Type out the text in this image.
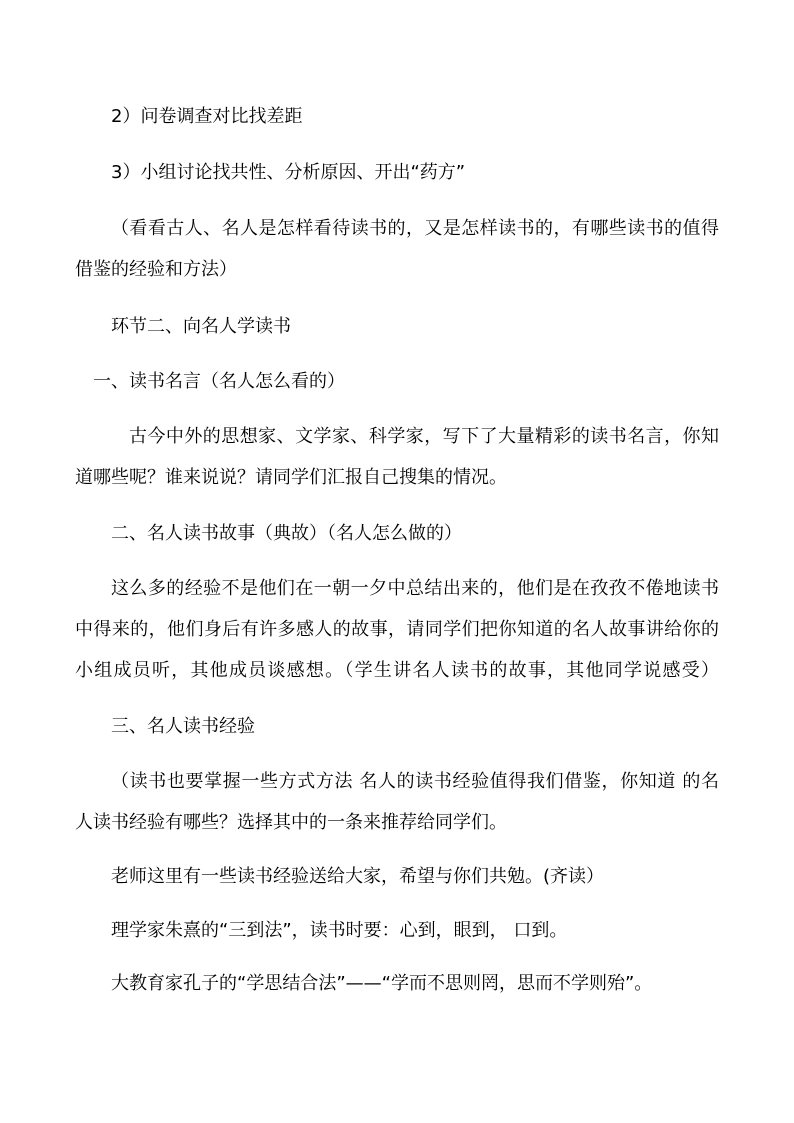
2）问卷调查对比找差距

3）小组讨论找共性、分析原因、开出“药方”

（看看古人、名人是怎样看待读书的，又是怎样读书的，有哪些读书的值得

借鉴的经验和方法）

环节二、向名人学读书

一、读书名言（名人怎么看的）

古今中外的思想家、文学家、科学家，写下了大量精彩的读书名言，你知

道哪些呢？谁来说说？请同学们汇报自己搜集的情况。

二、名人读书故事（典故）（名人怎么做的）

这么多的经验不是他们在一朝一夕中总结出来的，他们是在孜孜不倦地读书

中得来的，他们身后有许多感人的故事，请同学们把你知道的名人故事讲给你的

小组成员听，其他成员谈感想。（学生讲名人读书的故事，其他同学说感受）

三、名人读书经验

（读书也要掌握一些方式方法 名人的读书经验值得我们借鉴，你知道 的名

人读书经验有哪些？选择其中的一条来推荐给同学们。

老师这里有一些读书经验送给大家，希望与你们共勉。(齐读）

理学家朱熹的“三到法”，读书时要：心到，眼到， 口到。

大教育家孔子的“学思结合法”——“学而不思则罔，思而不学则殆”。
